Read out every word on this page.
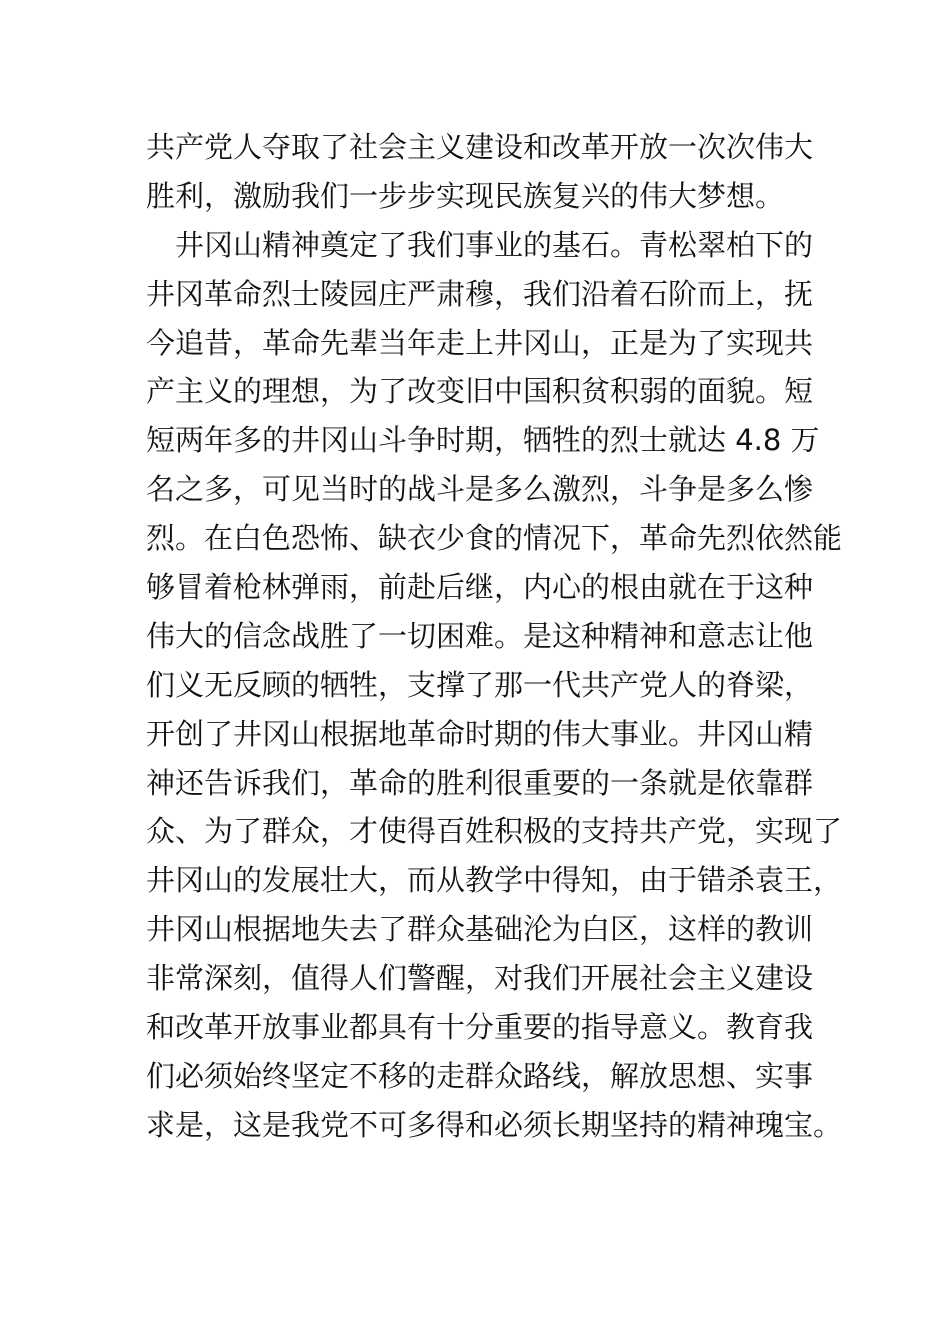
共产党人夺取了社会主义建设和改革开放一次次伟大
胜利，激励我们一步步实现民族复兴的伟大梦想。
　井冈山精神奠定了我们事业的基石。青松翠柏下的
井冈革命烈士陵园庄严肃穆，我们沿着石阶而上，抚
今追昔，革命先辈当年走上井冈山，正是为了实现共
产主义的理想，为了改变旧中国积贫积弱的面貌。短
短两年多的井冈山斗争时期，牺牲的烈士就达 4.8 万
名之多，可见当时的战斗是多么激烈，斗争是多么惨
烈。在白色恐怖、缺衣少食的情况下，革命先烈依然能
够冒着枪林弹雨，前赴后继，内心的根由就在于这种
伟大的信念战胜了一切困难。是这种精神和意志让他
们义无反顾的牺牲，支撑了那一代共产党人的脊梁，
开创了井冈山根据地革命时期的伟大事业。井冈山精
神还告诉我们，革命的胜利很重要的一条就是依靠群
众、为了群众，才使得百姓积极的支持共产党，实现了
井冈山的发展壮大，而从教学中得知，由于错杀袁王，
井冈山根据地失去了群众基础沦为白区，这样的教训
非常深刻，值得人们警醒，对我们开展社会主义建设
和改革开放事业都具有十分重要的指导意义。教育我
们必须始终坚定不移的走群众路线，解放思想、实事
求是，这是我党不可多得和必须长期坚持的精神瑰宝。
